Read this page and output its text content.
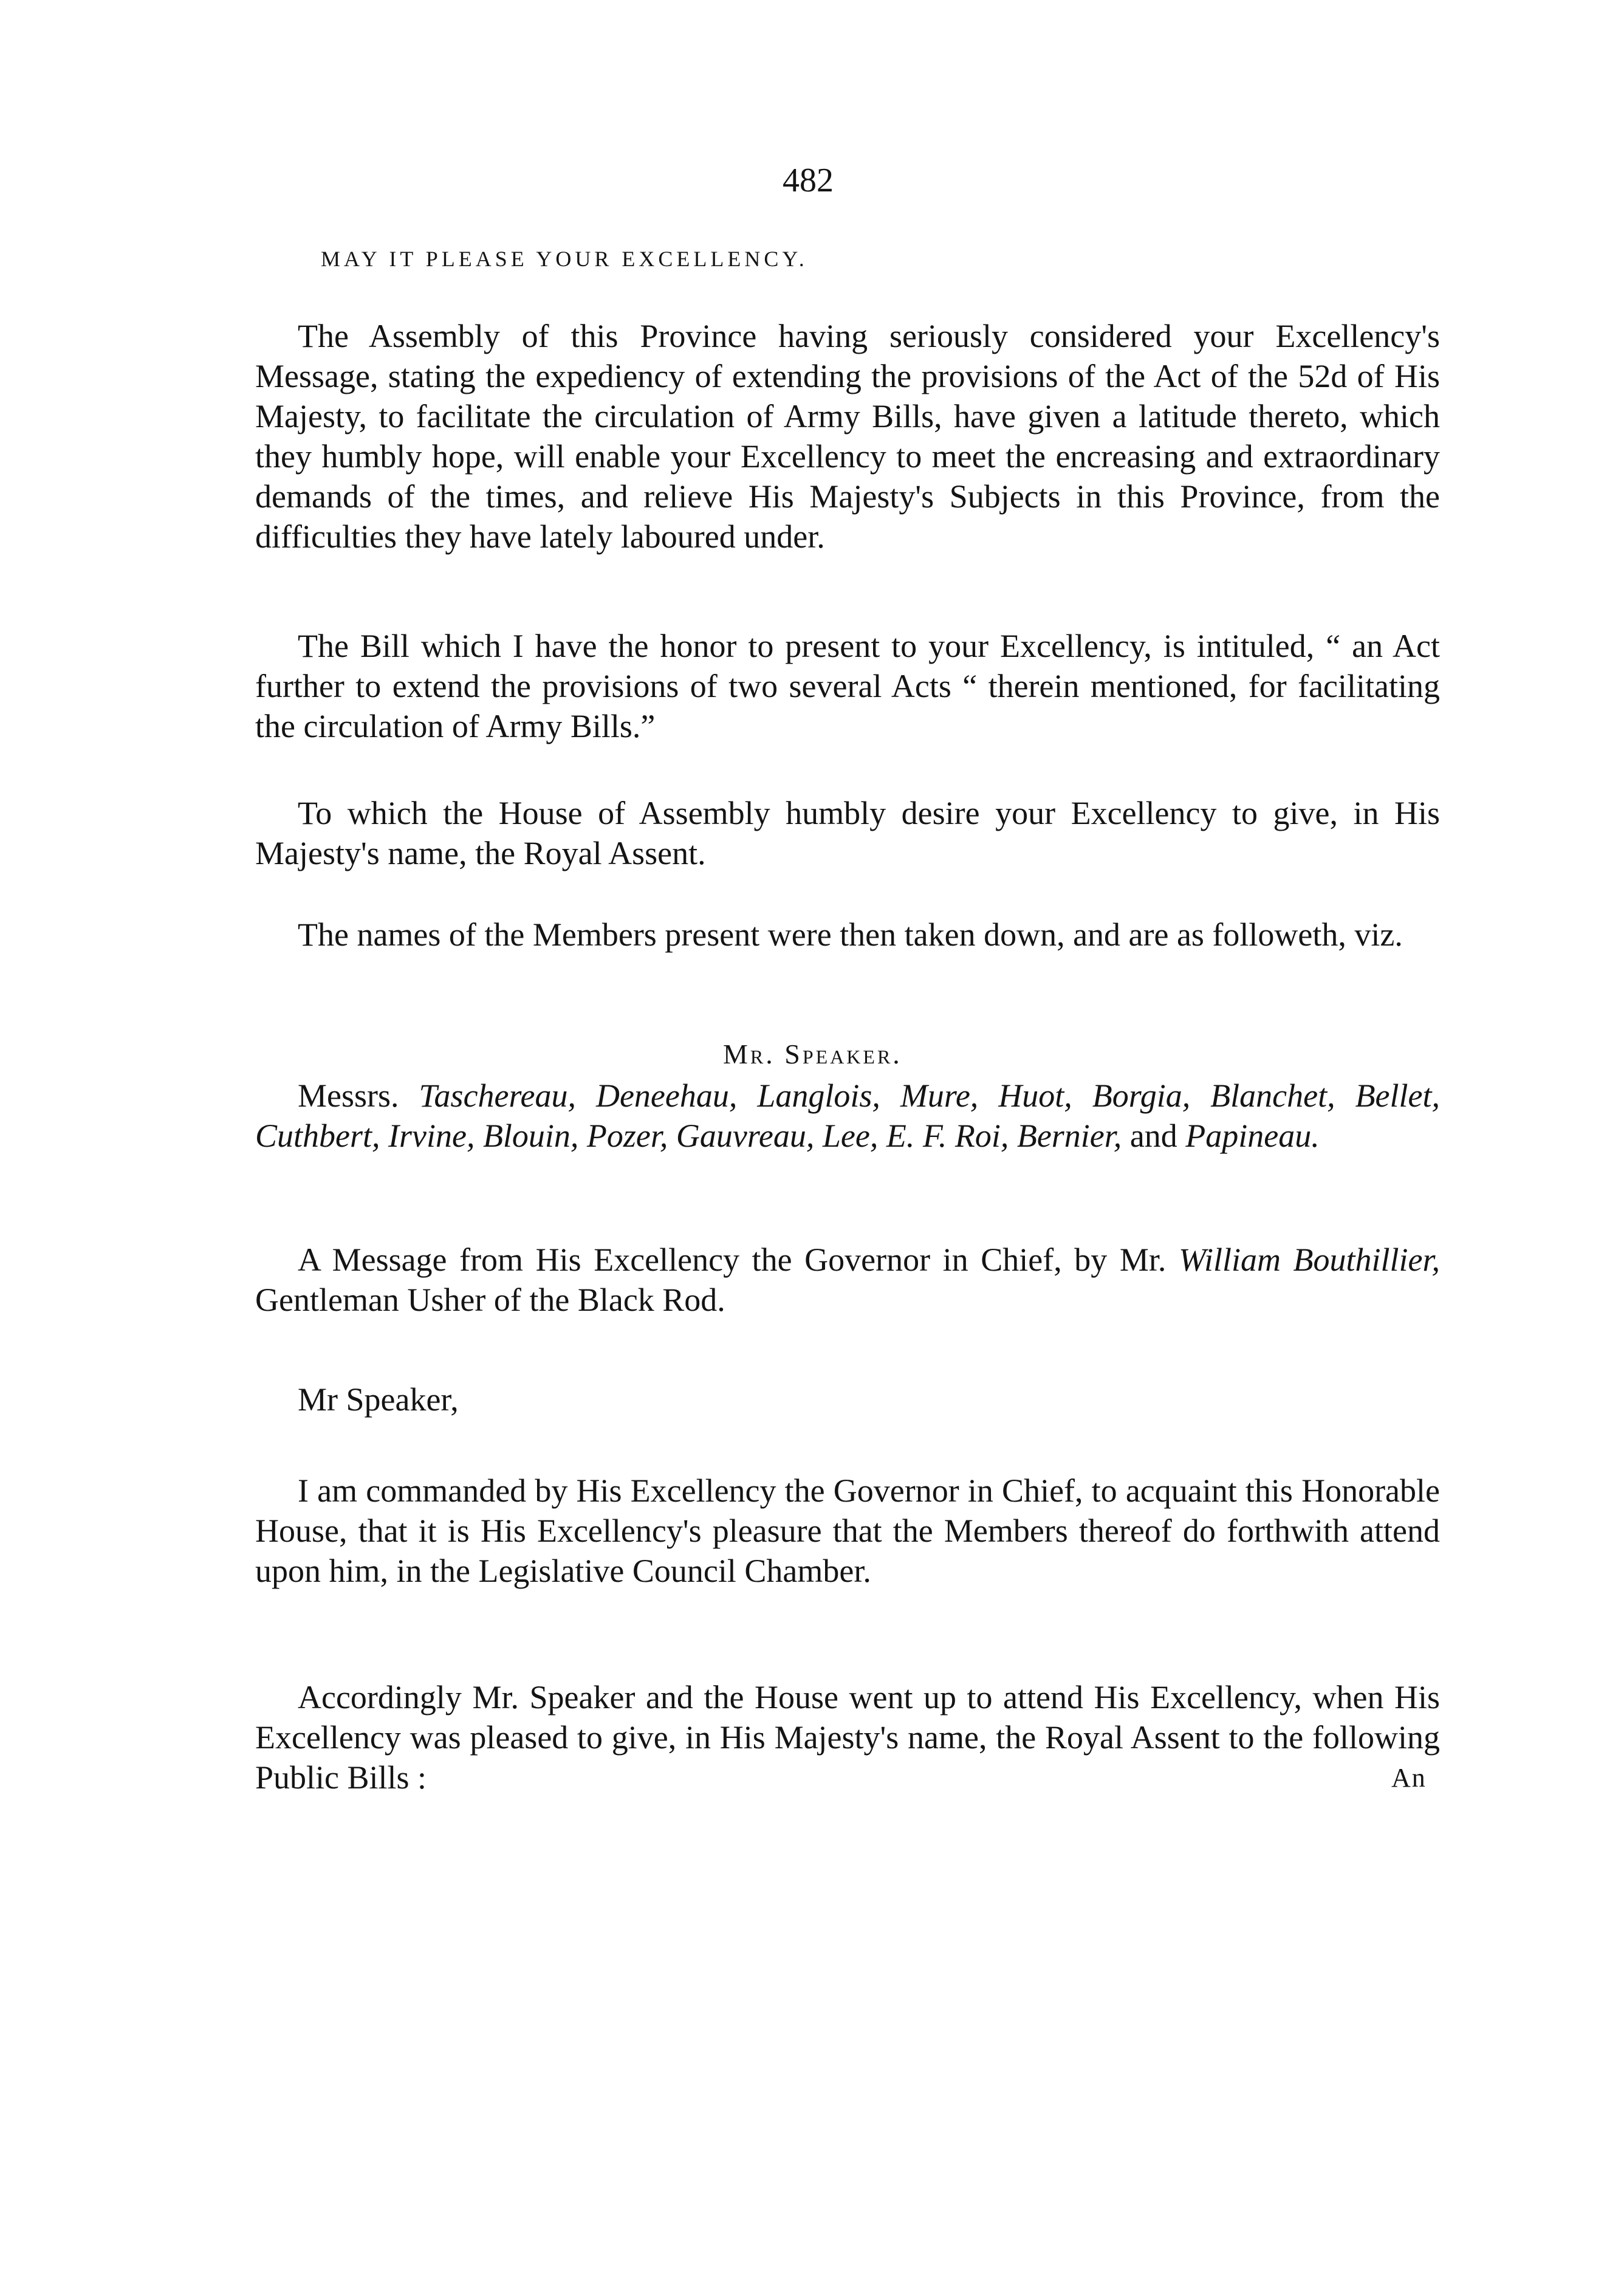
482
MAY IT PLEASE YOUR EXCELLENCY.

The Assembly of this Province having seriously considered your Excellency's Message, stating the expediency of extending the provisions of the Act of the 52d of His Majesty, to facilitate the circulation of Army Bills, have given a latitude thereto, which they humbly hope, will enable your Excellency to meet the encreasing and extraordinary demands of the times, and relieve His Majesty's Subjects in this Province, from the difficulties they have lately laboured under.

The Bill which I have the honor to present to your Excellency, is intituled, “ an Act further to extend the provisions of two several Acts “ therein mentioned, for facilitating the circulation of Army Bills.”

To which the House of Assembly humbly desire your Excellency to give, in His Majesty's name, the Royal Assent.

The names of the Members present were then taken down, and are as followeth, viz.

Mr. Speaker.

Messrs. Taschereau, Deneehau, Langlois, Mure, Huot, Borgia, Blanchet, Bellet, Cuthbert, Irvine, Blouin, Pozer, Gauvreau, Lee, E. F. Roi, Bernier, and Papineau.

A Message from His Excellency the Governor in Chief, by Mr. William Bouthillier, Gentleman Usher of the Black Rod.

Mr Speaker,

I am commanded by His Excellency the Governor in Chief, to acquaint this Honorable House, that it is His Excellency's pleasure that the Members thereof do forthwith attend upon him, in the Legislative Council Chamber.

Accordingly Mr. Speaker and the House went up to attend His Excellency, when His Excellency was pleased to give, in His Majesty's name, the Royal Assent to the following Public Bills :	An
